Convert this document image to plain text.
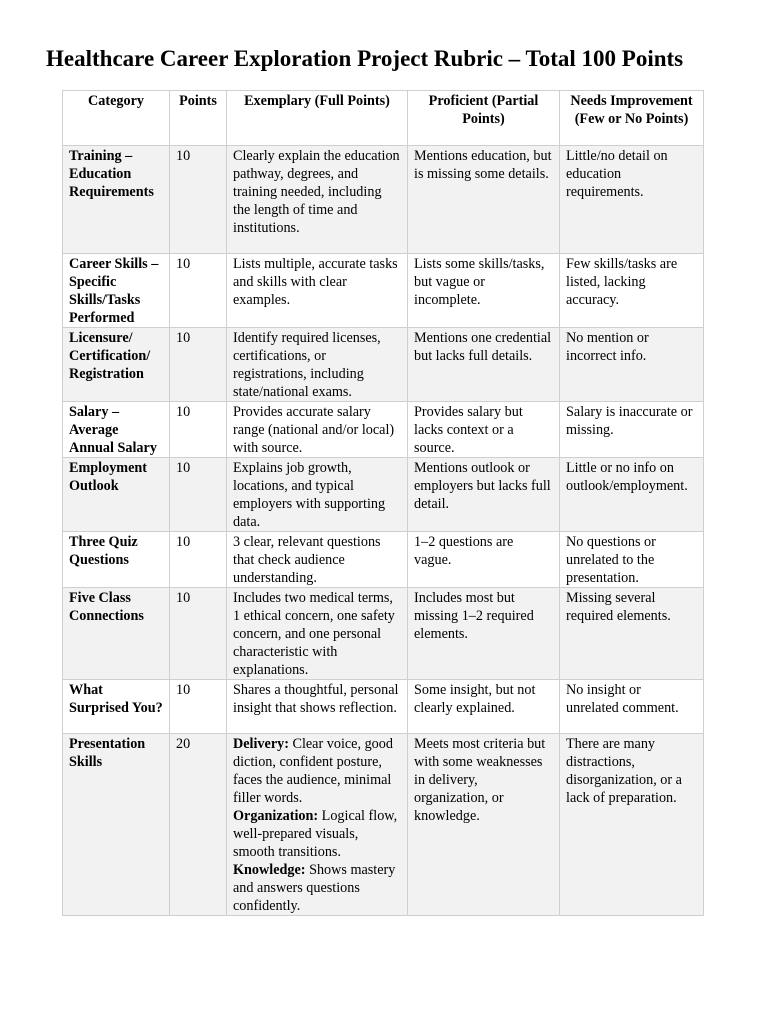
Healthcare Career Exploration Project Rubric – Total 100 Points
Category	Points	Exemplary (Full Points)	Proficient (Partial Points)	Needs Improvement (Few or No Points)
Training – Education Requirements	10	Clearly explain the education pathway, degrees, and training needed, including the length of time and institutions.	Mentions education, but is missing some details.	Little/no detail on education requirements.
Career Skills – Specific Skills/Tasks Performed	10	Lists multiple, accurate tasks and skills with clear examples.	Lists some skills/tasks, but vague or incomplete.	Few skills/tasks are listed, lacking accuracy.
Licensure/ Certification/ Registration	10	Identify required licenses, certifications, or registrations, including state/national exams.	Mentions one credential but lacks full details.	No mention or incorrect info.
Salary – Average Annual Salary	10	Provides accurate salary range (national and/or local) with source.	Provides salary but lacks context or a source.	Salary is inaccurate or missing.
Employment Outlook	10	Explains job growth, locations, and typical employers with supporting data.	Mentions outlook or employers but lacks full detail.	Little or no info on outlook/employment.
Three Quiz Questions	10	3 clear, relevant questions that check audience understanding.	1–2 questions are vague.	No questions or unrelated to the presentation.
Five Class Connections	10	Includes two medical terms, 1 ethical concern, one safety concern, and one personal characteristic with explanations.	Includes most but missing 1–2 required elements.	Missing several required elements.
What Surprised You?	10	Shares a thoughtful, personal insight that shows reflection.	Some insight, but not clearly explained.	No insight or unrelated comment.
Presentation Skills	20	Delivery: Clear voice, good diction, confident posture, faces the audience, minimal filler words.
Organization: Logical flow, well-prepared visuals, smooth transitions.
Knowledge: Shows mastery and answers questions confidently.	Meets most criteria but with some weaknesses in delivery, organization, or knowledge.	There are many distractions, disorganization, or a lack of preparation.
